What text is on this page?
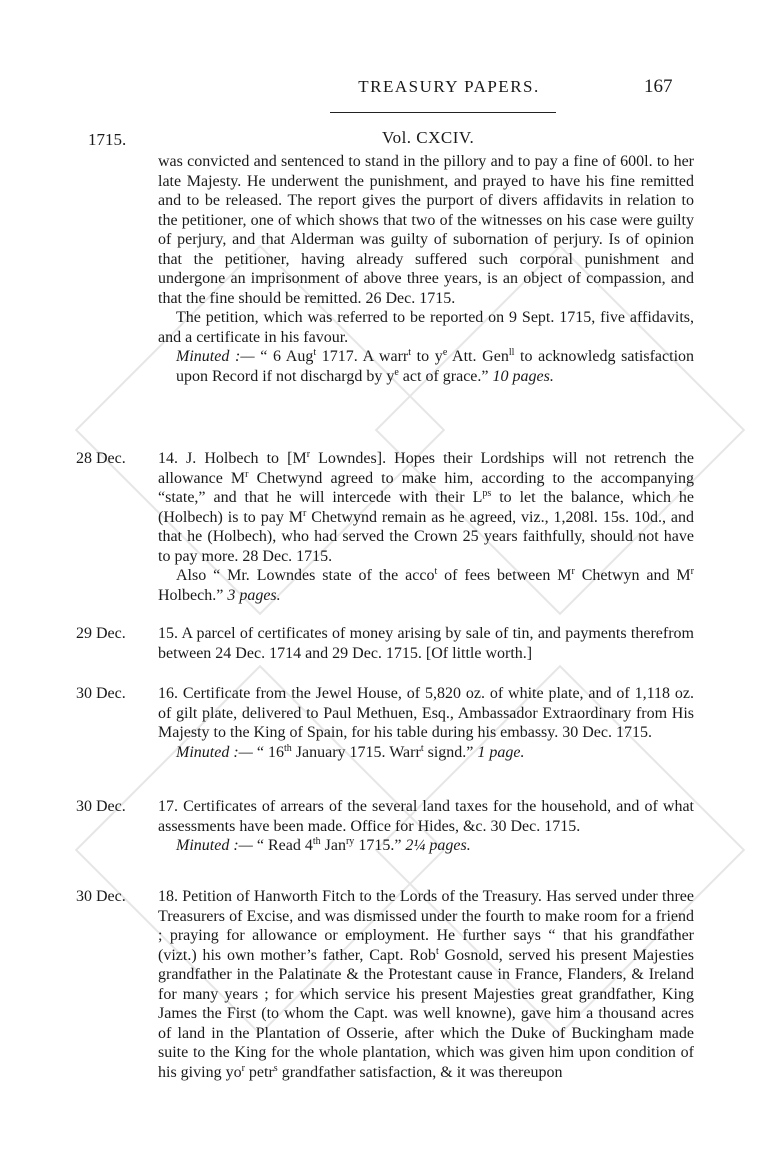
TREASURY PAPERS.	167
1715.	Vol. CXCIV.

was convicted and sentenced to stand in the pillory and to pay a fine of 600l. to her late Majesty. He underwent the punishment, and prayed to have his fine remitted and to be released. The report gives the purport of divers affidavits in relation to the petitioner, one of which shows that two of the witnesses on his case were guilty of perjury, and that Alderman was guilty of subornation of perjury. Is of opinion that the petitioner, having already suffered such corporal punishment and undergone an imprisonment of above three years, is an object of compassion, and that the fine should be remitted. 26 Dec. 1715.

The petition, which was referred to be reported on 9 Sept. 1715, five affidavits, and a certificate in his favour.

Minuted :— “ 6 Aug$^t$ 1717. A warr$^t$ to $y^e$ Att. Gen$^{ll}$ to acknowledg satisfaction upon Record if not dischargd by $y^e$ act of grace.” 10 pages.

28 Dec. 14. J. Holbech to [$M^r$ Lowndes]. Hopes their Lordships will not retrench the allowance $M^r$ Chetwynd agreed to make him, according to the accompanying “state,” and that he will intercede with their $L^{ps}$ to let the balance, which he (Holbech) is to pay $M^r$ Chetwynd remain as he agreed, viz., 1,208l. 15s. 10d., and that he (Holbech), who had served the Crown 25 years faithfully, should not have to pay more. 28 Dec. 1715.

Also “ Mr. Lowndes state of the acco$^t$ of fees between $M^r$ Chetwyn and $M^r$ Holbech.” 3 pages.

29 Dec. 15. A parcel of certificates of money arising by sale of tin, and payments therefrom between 24 Dec. 1714 and 29 Dec. 1715. [Of little worth.]

30 Dec. 16. Certificate from the Jewel House, of 5,820 oz. of white plate, and of 1,118 oz. of gilt plate, delivered to Paul Methuen, Esq., Ambassador Extraordinary from His Majesty to the King of Spain, for his table during his embassy. 30 Dec. 1715.

Minuted :— “ 16th January 1715. Warr$^t$ signd.” 1 page.

30 Dec. 17. Certificates of arrears of the several land taxes for the household, and of what assessments have been made. Office for Hides, &c. 30 Dec. 1715.

Minuted :— “ Read 4th Jan$^{ry}$ 1715.” 2¼ pages.

30 Dec. 18. Petition of Hanworth Fitch to the Lords of the Treasury. Has served under three Treasurers of Excise, and was dismissed under the fourth to make room for a friend ; praying for allowance or employment. He further says “ that his grandfather (vizt.) his own mother’s father, Capt. Rob$^t$ Gosnold, served his present Majesties grandfather in the Palatinate & the Protestant cause in France, Flanders, & Ireland for many years ; for which service his present Majesties great grandfather, King James the First (to whom the Capt. was well knowne), gave him a thousand acres of land in the Plantation of Osserie, after which the Duke of Buckingham made suite to the King for the whole plantation, which was given him upon condition of his giving $yo^r$ petr$^s$ grandfather satisfaction, & it was thereupon
